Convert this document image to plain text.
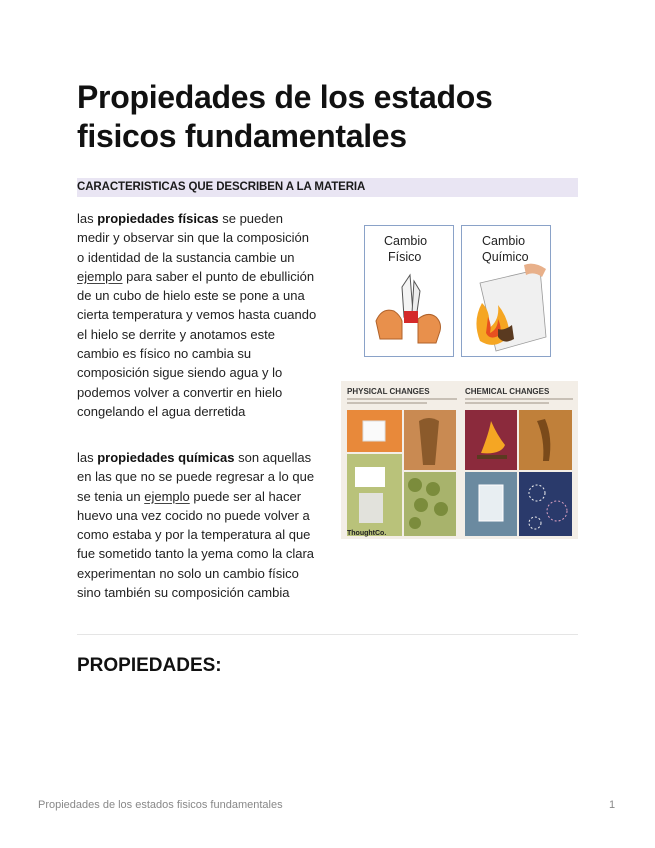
Propiedades de los estados fisicos fundamentales
CARACTERISTICAS QUE DESCRIBEN A LA MATERIA

las propiedades físicas se pueden medir y observar sin que la composición o identidad de la sustancia cambie un ejemplo para saber el punto de ebullición de un cubo de hielo este se pone a una cierta temperatura y vemos hasta cuando el hielo se derrite y anotamos este cambio es físico no cambia su composición sigue siendo agua y lo podemos volver a convertir en hielo congelando el agua derretida

las propiedades químicas son aquellas en las que no se puede regresar a lo que se tenia un ejemplo puede ser al hacer huevo una vez cocido no puede volver a como estaba y por la temperatura al que fue sometido tanto la yema como la clara experimentan no solo un cambio físico sino también su composición cambia

Cambio Físico
Cambio Químico
PHYSICAL CHANGES	CHEMICAL CHANGES
ThoughtCo.
PROPIEDADES:
Propiedades de los estados fisicos fundamentales	1
